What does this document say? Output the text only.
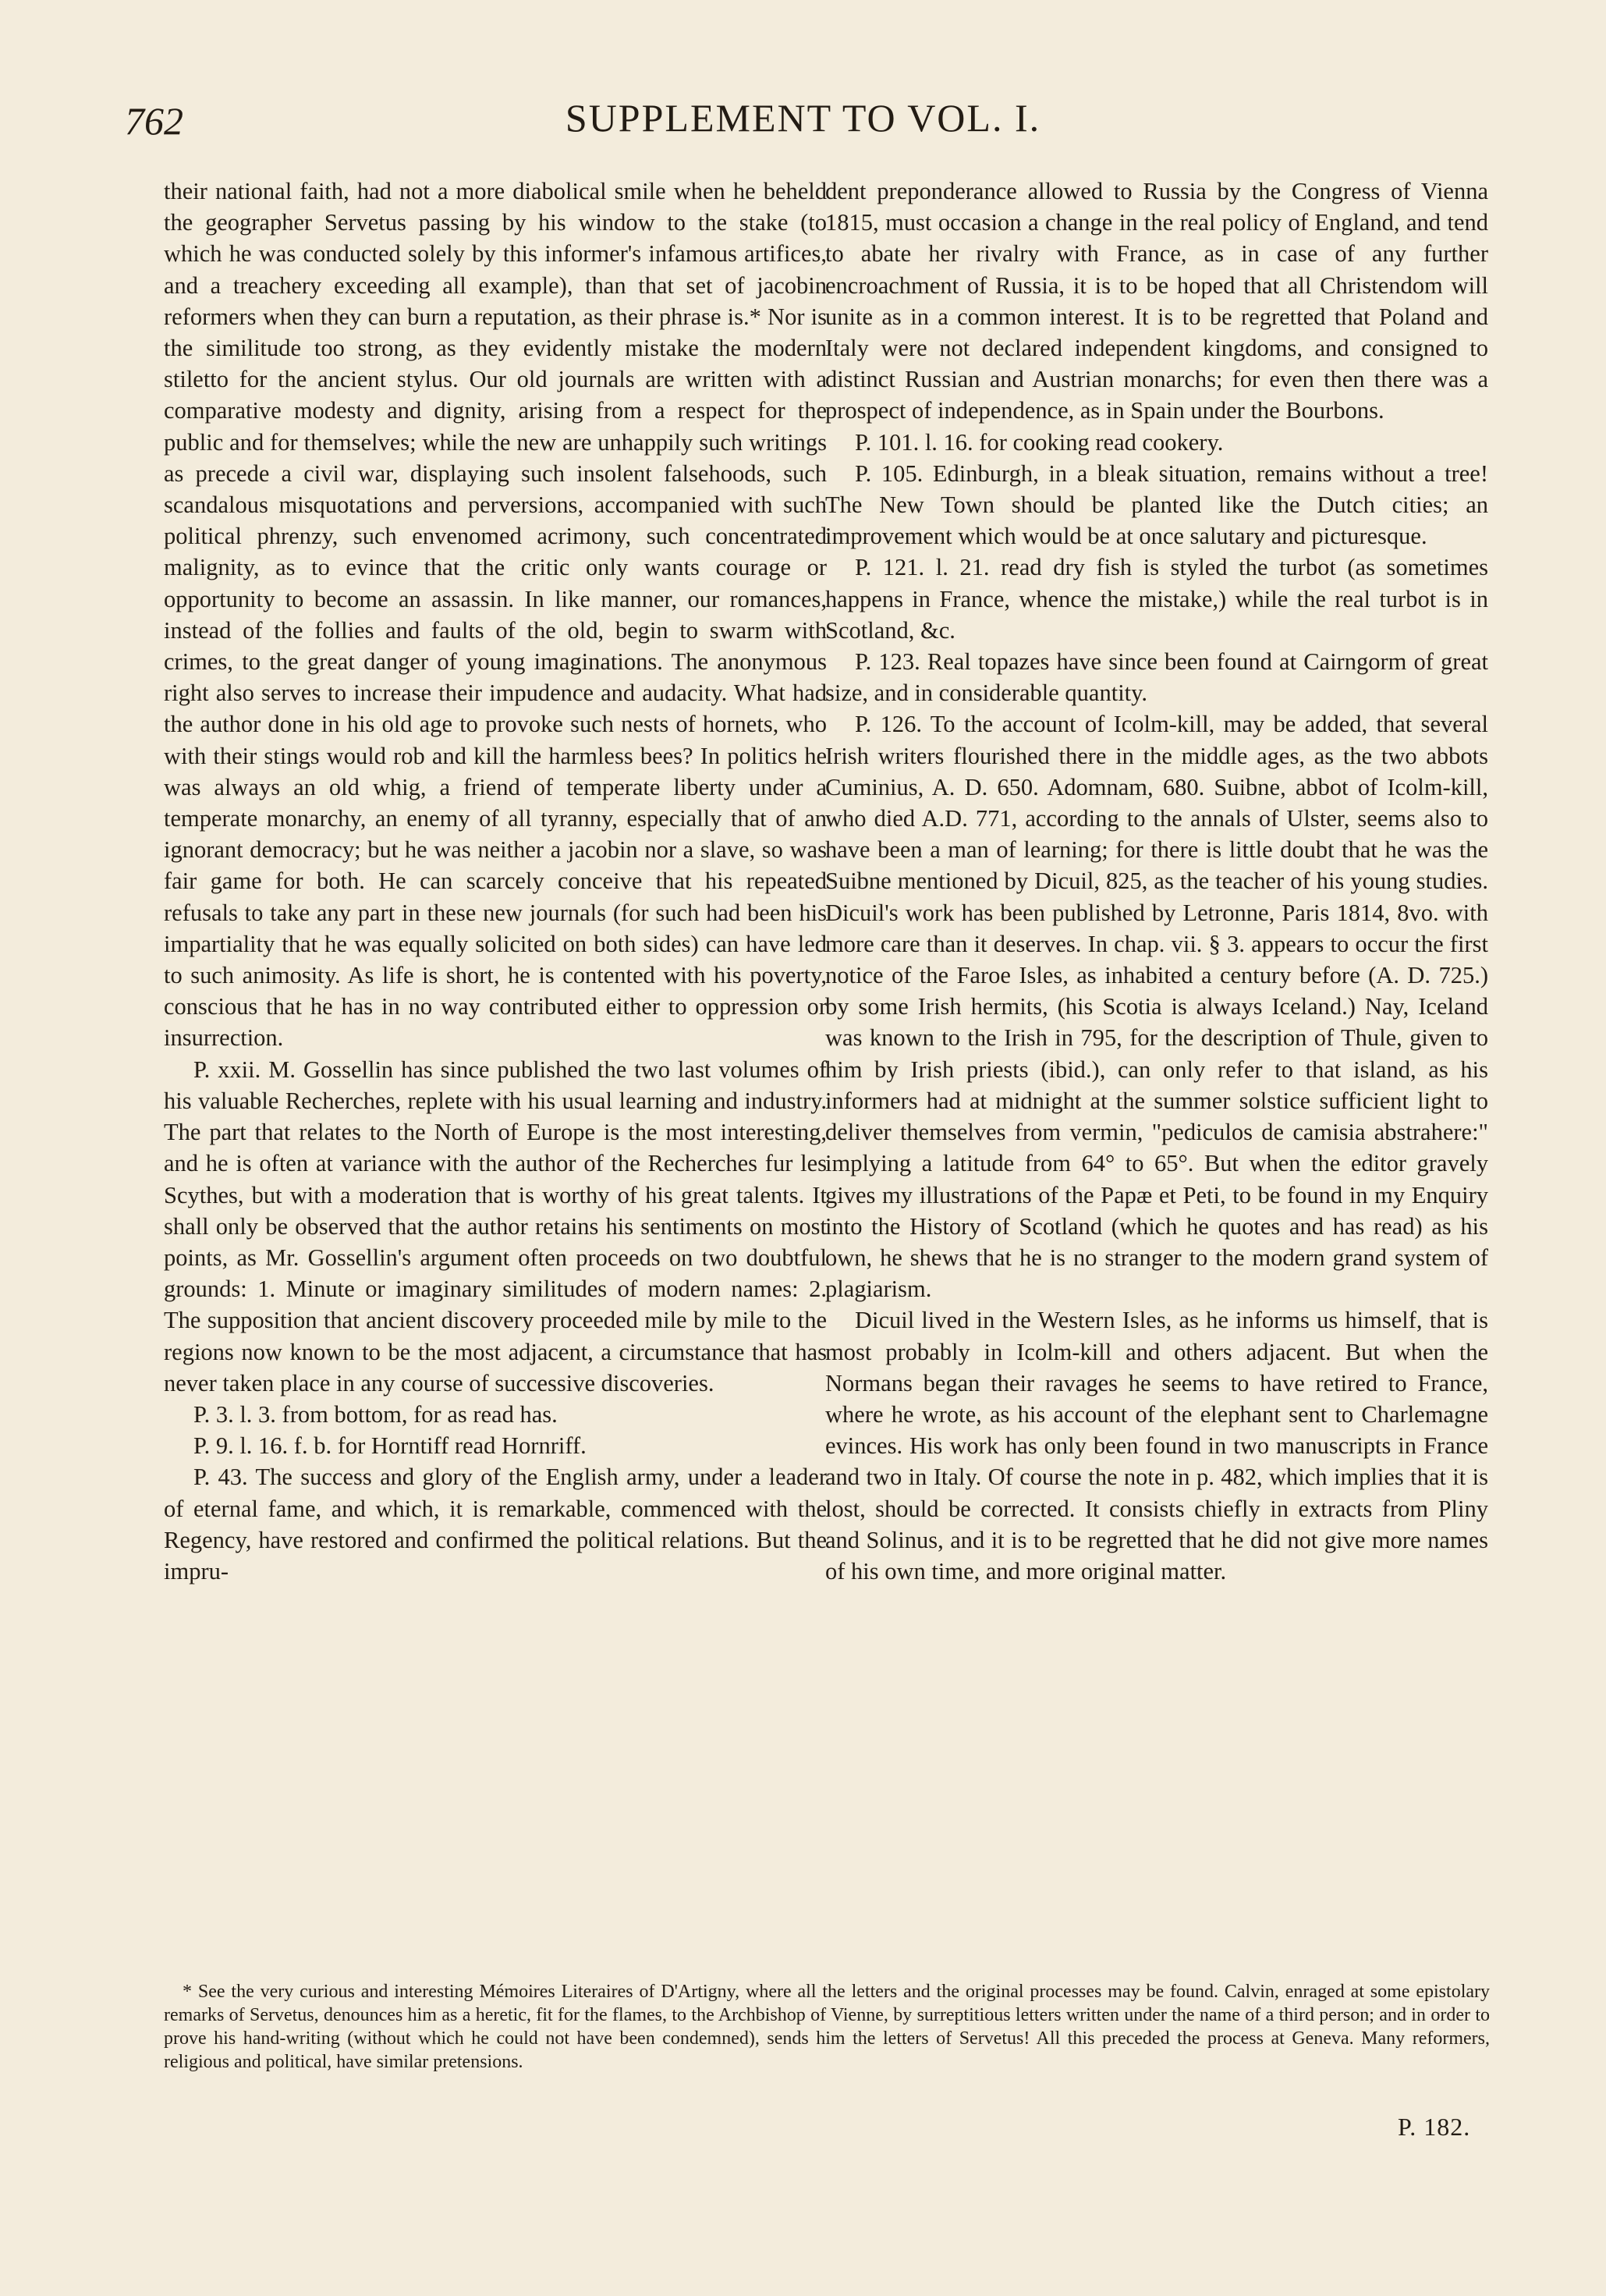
762	SUPPLEMENT TO VOL. I.

their national faith, had not a more diabolical smile when he beheld the geographer Servetus passing by his window to the stake (to which he was conducted solely by this informer's infamous artifices, and a treachery exceeding all example), than that set of jacobin reformers when they can burn a reputation, as their phrase is.* Nor is the similitude too strong, as they evidently mistake the modern stiletto for the ancient stylus. Our old journals are written with a comparative modesty and dignity, arising from a respect for the public and for themselves; while the new are unhappily such writings as precede a civil war, displaying such insolent falsehoods, such scandalous misquotations and perversions, accompanied with such political phrenzy, such envenomed acrimony, such concentrated malignity, as to evince that the critic only wants courage or opportunity to become an assassin. In like manner, our romances, instead of the follies and faults of the old, begin to swarm with crimes, to the great danger of young imaginations. The anonymous right also serves to increase their impudence and audacity. What had the author done in his old age to provoke such nests of hornets, who with their stings would rob and kill the harmless bees? In politics he was always an old whig, a friend of temperate liberty under a temperate monarchy, an enemy of all tyranny, especially that of an ignorant democracy; but he was neither a jacobin nor a slave, so was fair game for both. He can scarcely conceive that his repeated refusals to take any part in these new journals (for such had been his impartiality that he was equally solicited on both sides) can have led to such animosity. As life is short, he is contented with his poverty, conscious that he has in no way contributed either to oppression or insurrection.

P. xxii. M. Gossellin has since published the two last volumes of his valuable Recherches, replete with his usual learning and industry. The part that relates to the North of Europe is the most interesting, and he is often at variance with the author of the Recherches fur les Scythes, but with a moderation that is worthy of his great talents. It shall only be observed that the author retains his sentiments on most points, as Mr. Gossellin's argument often proceeds on two doubtful grounds: 1. Minute or imaginary similitudes of modern names: 2. The supposition that ancient discovery proceeded mile by mile to the regions now known to be the most adjacent, a circumstance that has never taken place in any course of successive discoveries.

P. 3. l. 3. from bottom, for as read has.

P. 9. l. 16. f. b. for Horntiff read Hornriff.

P. 43. The success and glory of the English army, under a leader of eternal fame, and which, it is remarkable, commenced with the Regency, have restored and confirmed the political relations. But the impru-

dent preponderance allowed to Russia by the Congress of Vienna 1815, must occasion a change in the real policy of England, and tend to abate her rivalry with France, as in case of any further encroachment of Russia, it is to be hoped that all Christendom will unite as in a common interest. It is to be regretted that Poland and Italy were not declared independent kingdoms, and consigned to distinct Russian and Austrian monarchs; for even then there was a prospect of independence, as in Spain under the Bourbons.

P. 101. l. 16. for cooking read cookery.

P. 105. Edinburgh, in a bleak situation, remains without a tree! The New Town should be planted like the Dutch cities; an improvement which would be at once salutary and picturesque.

P. 121. l. 21. read dry fish is styled the turbot (as sometimes happens in France, whence the mistake,) while the real turbot is in Scotland, &c.

P. 123. Real topazes have since been found at Cairngorm of great size, and in considerable quantity.

P. 126. To the account of Icolm-kill, may be added, that several Irish writers flourished there in the middle ages, as the two abbots Cuminius, A. D. 650. Adomnam, 680. Suibne, abbot of Icolm-kill, who died A.D. 771, according to the annals of Ulster, seems also to have been a man of learning; for there is little doubt that he was the Suibne mentioned by Dicuil, 825, as the teacher of his young studies. Dicuil's work has been published by Letronne, Paris 1814, 8vo. with more care than it deserves. In chap. vii. § 3. appears to occur the first notice of the Faroe Isles, as inhabited a century before (A. D. 725.) by some Irish hermits, (his Scotia is always Iceland.) Nay, Iceland was known to the Irish in 795, for the description of Thule, given to him by Irish priests (ibid.), can only refer to that island, as his informers had at midnight at the summer solstice sufficient light to deliver themselves from vermin, "pediculos de camisia abstrahere:" implying a latitude from 64° to 65°. But when the editor gravely gives my illustrations of the Papæ et Peti, to be found in my Enquiry into the History of Scotland (which he quotes and has read) as his own, he shews that he is no stranger to the modern grand system of plagiarism.

Dicuil lived in the Western Isles, as he informs us himself, that is most probably in Icolm-kill and others adjacent. But when the Normans began their ravages he seems to have retired to France, where he wrote, as his account of the elephant sent to Charlemagne evinces. His work has only been found in two manuscripts in France and two in Italy. Of course the note in p. 482, which implies that it is lost, should be corrected. It consists chiefly in extracts from Pliny and Solinus, and it is to be regretted that he did not give more names of his own time, and more original matter.

* See the very curious and interesting Mémoires Literaires of D'Artigny, where all the letters and the original processes may be found. Calvin, enraged at some epistolary remarks of Servetus, denounces him as a heretic, fit for the flames, to the Archbishop of Vienne, by surreptitious letters written under the name of a third person; and in order to prove his hand-writing (without which he could not have been condemned), sends him the letters of Servetus! All this preceded the process at Geneva. Many reformers, religious and political, have similar pretensions.
P. 182.
